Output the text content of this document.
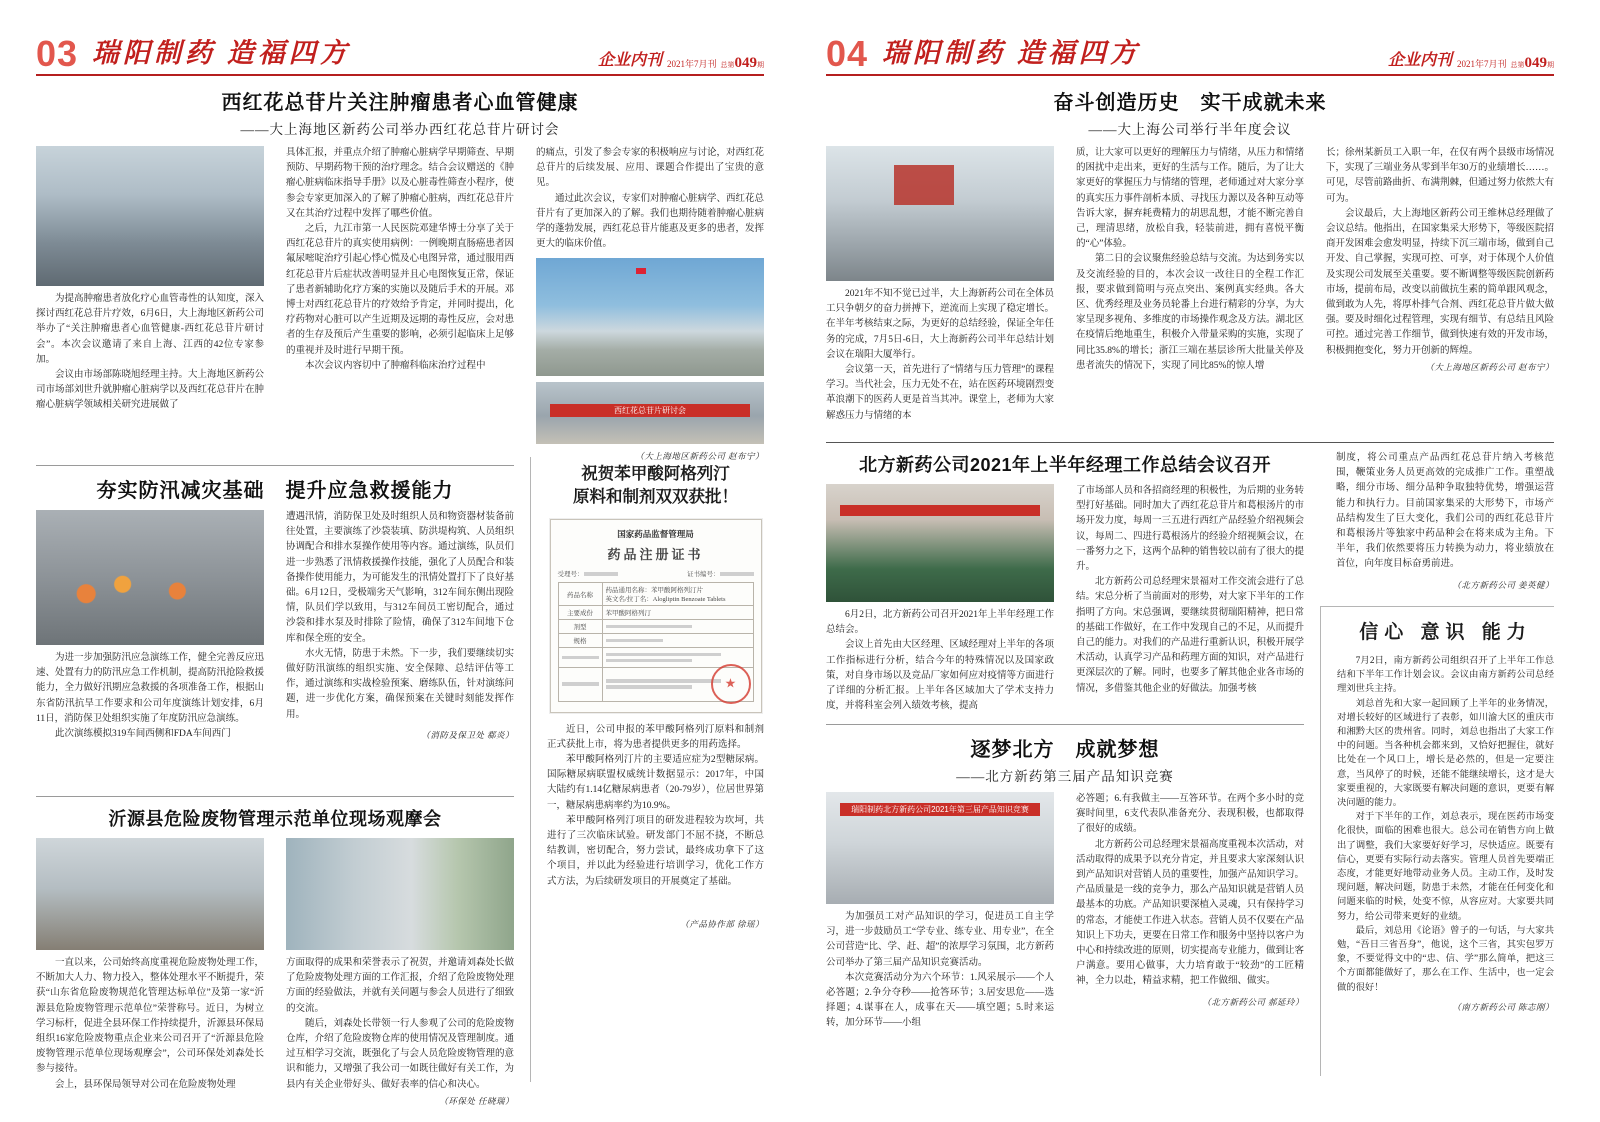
03 瑞阳制药 造福四方	企业内刊 2021年7月刊 总第 049 期
西红花总苷片关注肿瘤患者心血管健康
——大上海地区新药公司举办西红花总苷片研讨会

为提高肿瘤患者放化疗心血管毒性的认知度，深入探讨西红花总苷片疗效，6月6日，大上海地区新药公司举办了“关注肿瘤患者心血管健康-西红花总苷片研讨会”。本次会议邀请了来自上海、江西的42位专家参加。

会议由市场部陈晓旭经理主持。大上海地区新药公司市场部刘世升就肿瘤心脏病学以及西红花总苷片在肿瘤心脏病学领域相关研究进展做了

具体汇报，并重点介绍了肿瘤心脏病学早期筛查、早期预防、早期药物干预的治疗理念。结合会议赠送的《肿瘤心脏病临床指导手册》以及心脏毒性筛查小程序，使参会专家更加深入的了解了肿瘤心脏病，西红花总苷片又在其治疗过程中发挥了哪些价值。

之后，九江市第一人民医院邓建华博士分享了关于西红花总苷片的真实使用病例：一例晚期直肠癌患者因氟尿嘧啶治疗引起心悸心慌及心电图异常，通过服用西红花总苷片后症状改善明显并且心电图恢复正常，保证了患者新辅助化疗方案的实施以及随后手术的开展。邓博士对西红花总苷片的疗效给予肯定，并同时提出，化疗药物对心脏可以产生近期及远期的毒性反应，会对患者的生存及预后产生重要的影响，必须引起临床上足够的重视并及时进行早期干预。

本次会议内容切中了肿瘤科临床治疗过程中

的痛点，引发了参会专家的积极响应与讨论，对西红花总苷片的后续发展、应用、课题合作提出了宝贵的意见。

通过此次会议，专家们对肿瘤心脏病学、西红花总苷片有了更加深入的了解。我们也期待随着肿瘤心脏病学的蓬勃发展，西红花总苷片能惠及更多的患者，发挥更大的临床价值。

西红花总苷片研讨会
（大上海地区新药公司 赵布宁）
夯实防汛减灾基础　提升应急救援能力

为进一步加强防汛应急演练工作，健全完善反应迅速、处置有力的防汛应急工作机制，提高防汛抢险救援能力，全力做好汛期应急救援的各项准备工作，根据山东省防汛抗旱工作要求和公司年度演练计划安排，6月11日，消防保卫处组织实施了年度防汛应急演练。

此次演练模拟319车间西侧和FDA车间西门

遭遇汛情，消防保卫处及时组织人员和物资器材装备前往处置，主要演练了沙袋装填、防洪堤构筑、人员组织协调配合和排水泵操作使用等内容。通过演练，队员们进一步熟悉了汛情救援操作技能，强化了人员配合和装备操作使用能力，为可能发生的汛情处置打下了良好基础。6月12日，受极端劣天气影响，312车间东侧出现险情，队员们学以致用，与312车间员工密切配合，通过沙袋和排水泵及时排除了险情，确保了312车间地下仓库和保全班的安全。

水火无情，防患于未然。下一步，我们要继续切实做好防汛演练的组织实施、安全保障、总结评估等工作，通过演练和实战检验预案、磨练队伍，针对演练问题，进一步优化方案，确保预案在关键时刻能发挥作用。

（消防及保卫处 郗炎）
沂源县危险废物管理示范单位现场观摩会

一直以来，公司始终高度重视危险废物处理工作，不断加大人力、物力投入，整体处理水平不断提升，荣获“山东省危险废物规范化管理达标单位”及第一家“沂源县危险废物管理示范单位”荣誉称号。近日，为树立学习标杆，促进全县环保工作持续提升，沂源县环保局组织16家危险废物重点企业来公司召开了“沂源县危险废物管理示范单位现场观摩会”，公司环保处刘森处长参与接待。

会上，县环保局领导对公司在危险废物处理

方面取得的成果和荣誉表示了祝贺，并邀请刘森处长做了危险废物处理方面的工作汇报，介绍了危险废物处理方面的经验做法，并就有关问题与参会人员进行了细致的交流。

随后，刘森处长带领一行人参观了公司的危险废物仓库，介绍了危险废物仓库的使用情况及管理制度。通过互相学习交流，既强化了与会人员危险废物管理的意识和能力，又增强了我公司一如既往做好有关工作，为县内有关企业带好头、做好表率的信心和决心。

（环保处 任晓瑞）
祝贺苯甲酸阿格列汀
原料和制剂双双获批！
国家药品监督管理局
药品注册证书
受理号：	证书编号：
药品名称	药品通用名称：苯甲酸阿格列汀片
英文名/拉丁名：Alogliptin Benzoate Tablets

主要成份	苯甲酸阿格列汀
剂型	

规格	

★

近日，公司申报的苯甲酸阿格列汀原料和制剂正式获批上市，将为患者提供更多的用药选择。

苯甲酸阿格列汀片的主要适应症为2型糖尿病。国际糖尿病联盟权威统计数据显示：2017年，中国大陆约有1.14亿糖尿病患者（20-79岁），位居世界第一，糖尿病患病率约为10.9%。

苯甲酸阿格列汀项目的研发进程较为坎坷，共进行了三次临床试验。研发部门不屈不挠，不断总结教训，密切配合，努力尝试，最终成功拿下了这个项目，并以此为经验进行培训学习，优化工作方式方法，为后续研发项目的开展奠定了基础。

（产品协作部 徐瑶）
04 瑞阳制药 造福四方	企业内刊 2021年7月刊 总第 049 期
奋斗创造历史　实干成就未来
——大上海公司举行半年度会议

2021年不知不觉已过半，大上海新药公司在全体员工只争朝夕的奋力拼搏下，逆流而上实现了稳定增长。在半年考核结束之际，为更好的总结经验，保证全年任务的完成，7月5日-6日，大上海新药公司半年总结计划会议在瑞阳大厦举行。

会议第一天，首先进行了“情绪与压力管理”的课程学习。当代社会，压力无处不在，站在医药环境剧烈变革浪潮下的医药人更是首当其冲。课堂上，老师为大家解惑压力与情绪的本

质，让大家可以更好的理解压力与情绪，从压力和情绪的困扰中走出来，更好的生活与工作。随后，为了让大家更好的掌握压力与情绪的管理，老师通过对大家分享的真实压力事件剖析本质、寻找压力源以及各种互动等告诉大家，摒弃耗费精力的胡思乱想，才能不断完善自己，理清思绪，放松自我，轻装前进，拥有喜悦平衡的“心”体验。

第二日的会议聚焦经验总结与交流。为达到务实以及交流经验的目的，本次会议一改往日的全程工作汇报，要求做到简明与亮点突出、案例真实经典。各大区、优秀经理及业务员轮番上台进行精彩的分享，为大家呈现多视角、多维度的市场操作观念及方法。湖北区在疫情后绝地重生，积极介入带量采购的实施，实现了同比35.8%的增长；浙江三端在基层诊所大批量关停及患者流失的情况下，实现了同比85%的惊人增

长；徐州某新员工入职一年，在仅有两个县级市场情况下，实现了三端业务从零到半年30万的业绩增长……。可见，尽管前路曲折、布满荆棘，但通过努力依然大有可为。

会议最后，大上海地区新药公司王维林总经理做了会议总结。他指出，在国家集采大形势下，等级医院招商开发困难会愈发明显，持续下沉三端市场，做到自己开发、自己掌握，实现可控、可享，对于体现个人价值及实现公司发展至关重要。要不断调整等级医院创新药市场，提前布局，改变以前做抗生素的简单跟风观念，做到敢为人先，将厚朴排气合剂、西红花总苷片做大做强。要及时细化过程管理，实现有细节、有总结且风险可控。通过完善工作细节，做到快速有效的开发市场，积极拥抱变化，努力开创新的辉煌。

（大上海地区新药公司 赵布宁）
北方新药公司2021年上半年经理工作总结会议召开

6月2日，北方新药公司召开2021年上半年经理工作总结会。

会议上首先由大区经理、区域经理对上半年的各项工作指标进行分析，结合今年的特殊情况以及国家政策，对自身市场以及竞品厂家如何应对疫情等方面进行了详细的分析汇报。上半年各区域加大了学术支持力度，并将科室会列入绩效考核，提高

了市场部人员和各招商经理的积极性，为后期的业务转型打好基础。同时加大了西红花总苷片和葛根汤片的市场开发力度，每周一三五进行西红产品经验介绍视频会议，每周二、四进行葛根汤片的经验介绍视频会议，在一番努力之下，这两个品种的销售较以前有了很大的提升。

北方新药公司总经理宋景福对工作交流会进行了总结。宋总分析了当前面对的形势，对大家下半年的工作指明了方向。宋总强调，要继续贯彻瑞阳精神，把日常的基础工作做好，在工作中发现自己的不足，从而提升自己的能力。对我们的产品进行重新认识，积极开展学术活动，认真学习产品和药理方面的知识，对产品进行更深层次的了解。同时，也要多了解其他企业各市场的情况，多借鉴其他企业的好做法。加强考核

逐梦北方　成就梦想
——北方新药第三届产品知识竞赛
瑞阳制药北方新药公司2021年第三届产品知识竞赛

为加强员工对产品知识的学习，促进员工自主学习，进一步鼓励员工“学专业、练专业、用专业”，在全公司营造“比、学、赶、超”的浓厚学习氛围，北方新药公司举办了第三届产品知识竞赛活动。

本次竞赛活动分为六个环节：1.风采展示——个人必答题；2.争分夺秒——抢答环节；3.居安思危——选择题；4.谋事在人，成事在天——填空题；5.时来运转，加分环节——小组

必答题；6.有我做主——互答环节。在两个多小时的竞赛时间里，6支代表队准备充分、表现积极，也都取得了很好的成绩。

北方新药公司总经理宋景福高度重视本次活动，对活动取得的成果予以充分肯定，并且要求大家深刻认识到产品知识对营销人员的重要性，加强产品知识学习。产品质量是一线的竞争力，那么产品知识就是营销人员最基本的功底。产品知识要深植入灵魂，只有保持学习的常态，才能使工作进入状态。营销人员不仅要在产品知识上下功夫，更要在日常工作和服务中坚持以客户为中心和持续改进的原则，切实提高专业能力，做到让客户满意。要用心做事，大力培育敢于“较劲”的工匠精神，全力以赴，精益求精，把工作做细、做实。

（北方新药公司 郝延玲）

制度，将公司重点产品西红花总苷片纳入考核范围，鞭策业务人员更高效的完成推广工作。重塑战略，细分市场、细分品种争取独特优势，增强运营能力和执行力。目前国家集采的大形势下，市场产品结构发生了巨大变化，我们公司的西红花总苷片和葛根汤片等独家中药品种会在将来成为主角。下半年，我们依然要将压力转换为动力，将业绩放在首位，向年度目标奋勇前进。

（北方新药公司 姜英健）
信心 意识 能力

7月2日，南方新药公司组织召开了上半年工作总结和下半年工作计划会议。会议由南方新药公司总经理刘世兵主持。

刘总首先和大家一起回顾了上半年的业务情况，对增长较好的区域进行了表彰，如川渝大区的重庆市和湘黔大区的贵州省。同时，刘总也指出了大家工作中的问题。当各种机会都来到，又恰好把握住，就好比处在一个风口上，增长是必然的，但是一定要注意，当风停了的时候，还能不能继续增长，这才是大家要重视的，大家既要有解决问题的意识，更要有解决问题的能力。

对于下半年的工作，刘总表示，现在医药市场变化很快，面临的困难也很大。总公司在销售方向上做出了调整，我们大家要好好学习，尽快适应。既要有信心，更要有实际行动去落实。管理人员首先要端正态度，才能更好地带动业务人员。主动工作，及时发现问题，解决问题，防患于未然，才能在任何变化和问题来临的时候，处变不惊，从容应对。大家要共同努力，给公司带来更好的业绩。

最后，刘总用《论语》曾子的一句话，与大家共勉，“吾日三省吾身”，他说，这个三省，其实包罗万象，不要觉得文中的“忠、信、学”那么简单，把这三个方面都能做好了，那么在工作、生活中，也一定会做的很好！

（南方新药公司 陈志刚）
